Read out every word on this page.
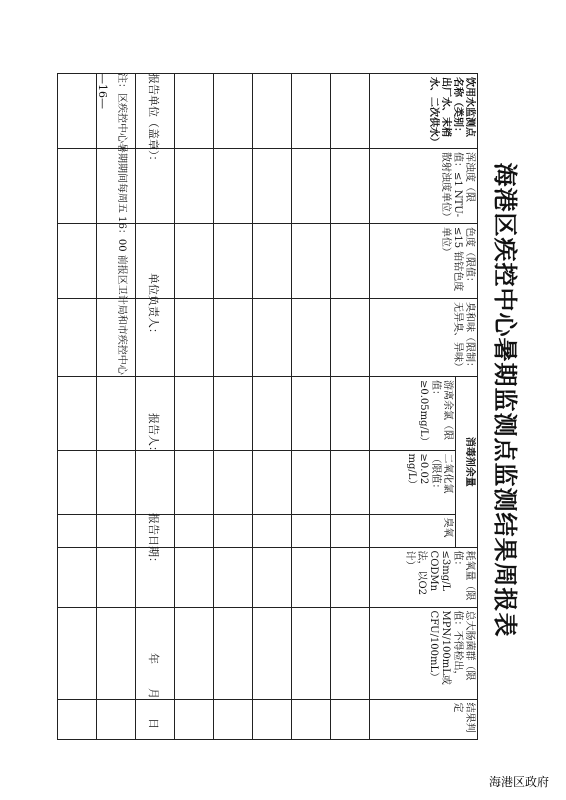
海港区疾控中心暑期监测点监测结果周报表
饮用水监测点名称（类别：出厂水、末梢水、二次供水）	浑浊度（限值：≤1 NTU-散射浊度单位）	色度（限值：≤15 铂钴色度单位）	臭和味（限制：无异臭、异味）	消毒剂余量			耗氧量（限值：≤3mg/L CODMn法，以O2计）	总大肠菌群（限值：不得检出，MPN/100mL或CFU/100mL）	结果判定
				游离余氯（限值：≥0.05mg/L）	二氧化氯（限值：≥0.02 mg/L）	臭氧			

报告单位（盖章）：
单位负责人：
报告人：
报告日期：
年
月
日
注：区疾控中心暑期期间每周五 16：00 前报区卫计局和市疾控中心
—16—
海港区政府
